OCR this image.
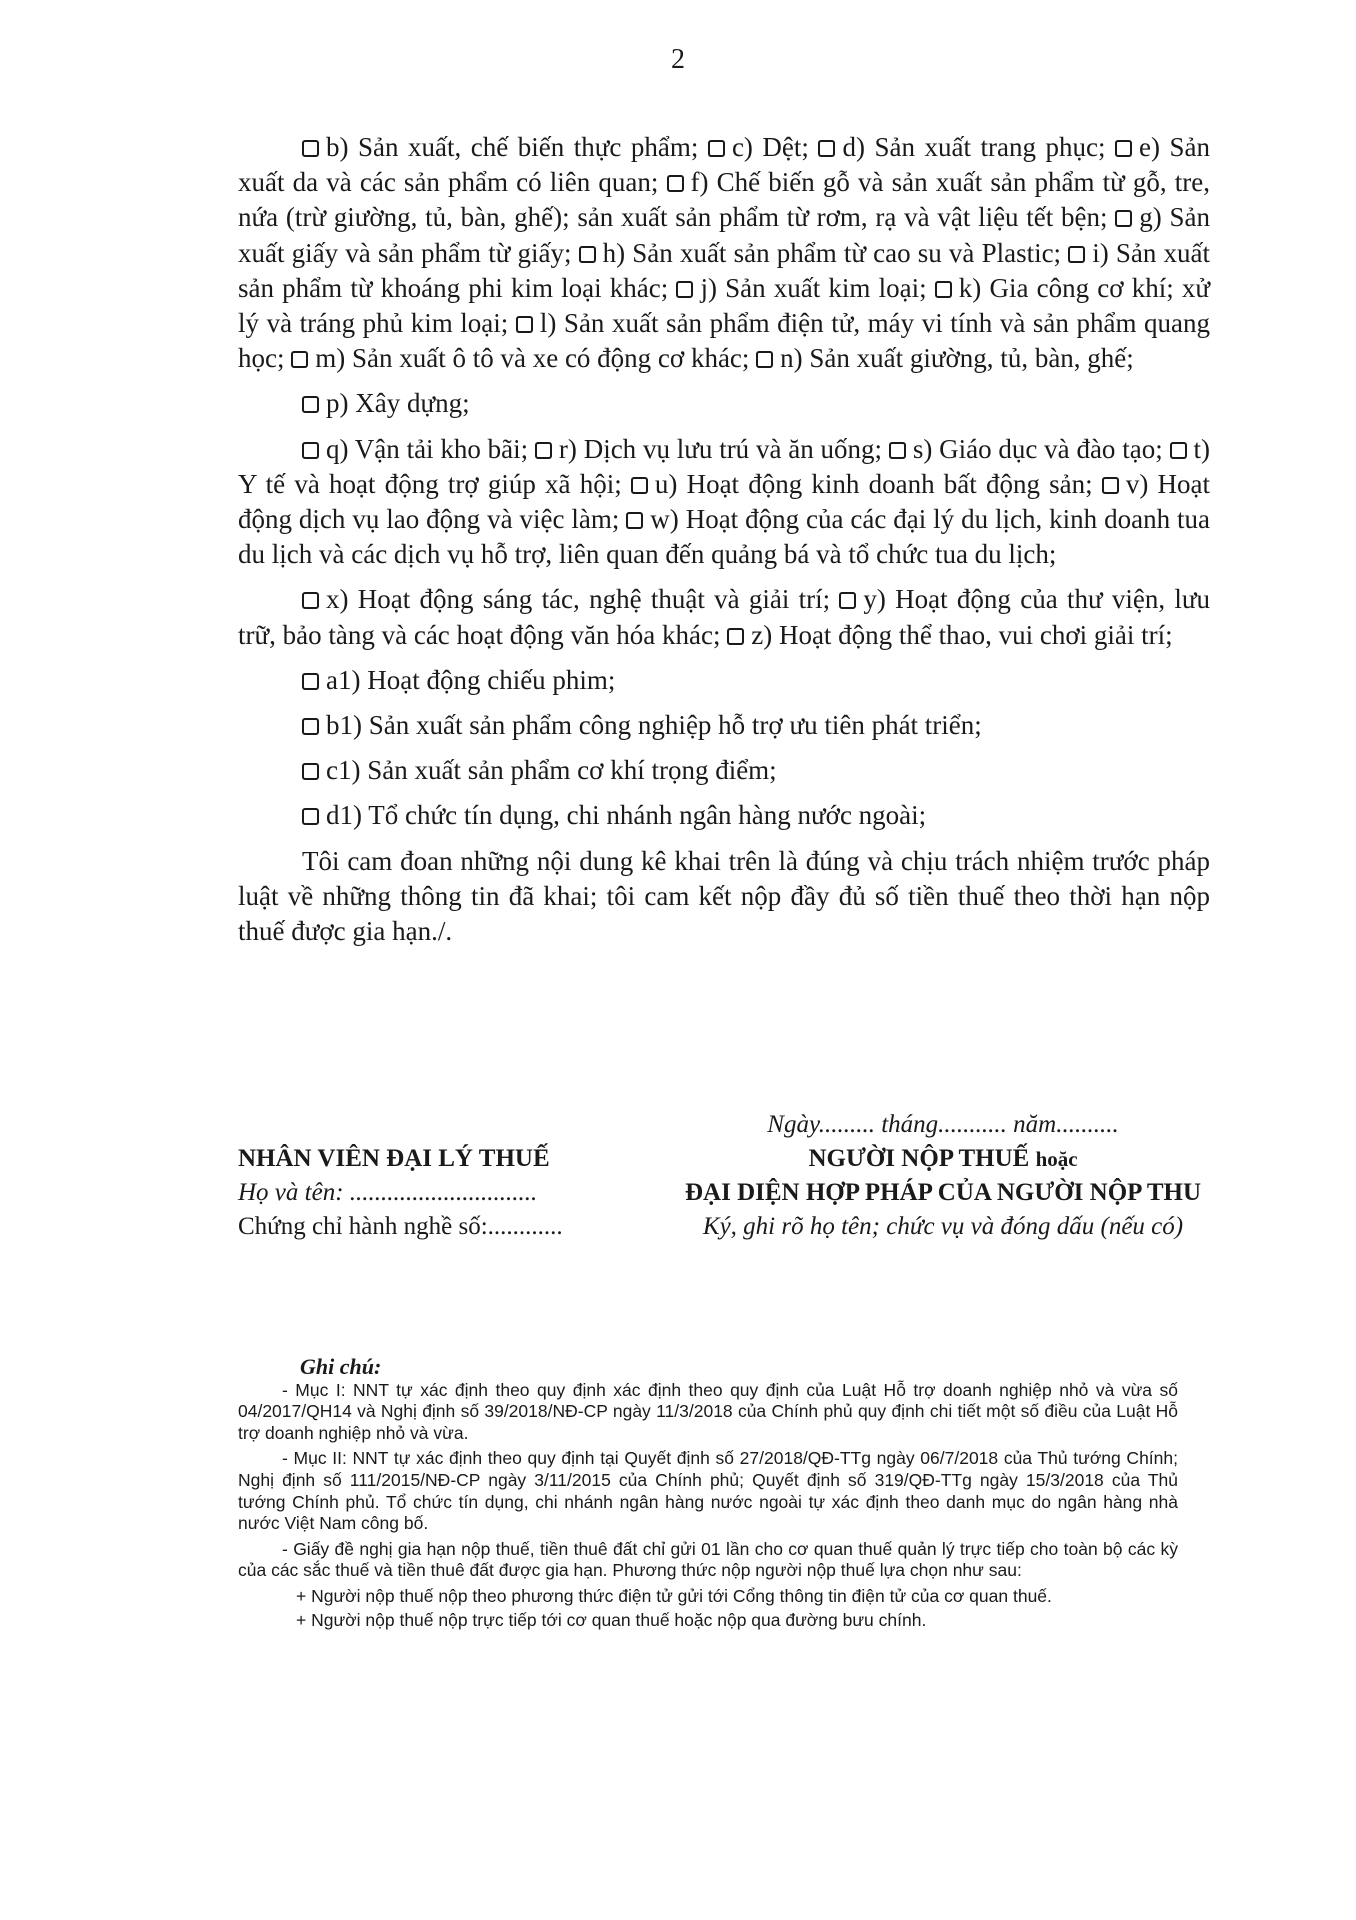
2

b) Sản xuất, chế biến thực phẩm; c) Dệt; d) Sản xuất trang phục; e) Sản xuất da và các sản phẩm có liên quan; f) Chế biến gỗ và sản xuất sản phẩm từ gỗ, tre, nứa (trừ giường, tủ, bàn, ghế); sản xuất sản phẩm từ rơm, rạ và vật liệu tết bện; g) Sản xuất giấy và sản phẩm từ giấy; h) Sản xuất sản phẩm từ cao su và Plastic; i) Sản xuất sản phẩm từ khoáng phi kim loại khác; j) Sản xuất kim loại; k) Gia công cơ khí; xử lý và tráng phủ kim loại; l) Sản xuất sản phẩm điện tử, máy vi tính và sản phẩm quang học; m) Sản xuất ô tô và xe có động cơ khác; n) Sản xuất giường, tủ, bàn, ghế;

p) Xây dựng;

q) Vận tải kho bãi; r) Dịch vụ lưu trú và ăn uống; s) Giáo dục và đào tạo; t) Y tế và hoạt động trợ giúp xã hội; u) Hoạt động kinh doanh bất động sản; v) Hoạt động dịch vụ lao động và việc làm; w) Hoạt động của các đại lý du lịch, kinh doanh tua du lịch và các dịch vụ hỗ trợ, liên quan đến quảng bá và tổ chức tua du lịch;

x) Hoạt động sáng tác, nghệ thuật và giải trí; y) Hoạt động của thư viện, lưu trữ, bảo tàng và các hoạt động văn hóa khác; z) Hoạt động thể thao, vui chơi giải trí;

a1) Hoạt động chiếu phim;

b1) Sản xuất sản phẩm công nghiệp hỗ trợ ưu tiên phát triển;

c1) Sản xuất sản phẩm cơ khí trọng điểm;

d1) Tổ chức tín dụng, chi nhánh ngân hàng nước ngoài;

Tôi cam đoan những nội dung kê khai trên là đúng và chịu trách nhiệm trước pháp luật về những thông tin đã khai; tôi cam kết nộp đầy đủ số tiền thuế theo thời hạn nộp thuế được gia hạn./.

NHÂN VIÊN ĐẠI LÝ THUẾ
Họ và tên: ..............................
Chứng chỉ hành nghề số:............
Ngày......... tháng........... năm..........
NGƯỜI NỘP THUẾ hoặc
ĐẠI DIỆN HỢP PHÁP CỦA NGƯỜI NỘP THU
Ký, ghi rõ họ tên; chức vụ và đóng dấu (nếu có)
Ghi chú:

- Mục I: NNT tự xác định theo quy định xác định theo quy định của Luật Hỗ trợ doanh nghiệp nhỏ và vừa số 04/2017/QH14 và Nghị định số 39/2018/NĐ-CP ngày 11/3/2018 của Chính phủ quy định chi tiết một số điều của Luật Hỗ trợ doanh nghiệp nhỏ và vừa.

- Mục II: NNT tự xác định theo quy định tại Quyết định số 27/2018/QĐ-TTg ngày 06/7/2018 của Thủ tướng Chính; Nghị định số 111/2015/NĐ-CP ngày 3/11/2015 của Chính phủ; Quyết định số 319/QĐ-TTg ngày 15/3/2018 của Thủ tướng Chính phủ. Tổ chức tín dụng, chi nhánh ngân hàng nước ngoài tự xác định theo danh mục do ngân hàng nhà nước Việt Nam công bố.

- Giấy đề nghị gia hạn nộp thuế, tiền thuê đất chỉ gửi 01 lần cho cơ quan thuế quản lý trực tiếp cho toàn bộ các kỳ của các sắc thuế và tiền thuê đất được gia hạn. Phương thức nộp người nộp thuế lựa chọn như sau:

+ Người nộp thuế nộp theo phương thức điện tử gửi tới Cổng thông tin điện tử của cơ quan thuế.

+ Người nộp thuế nộp trực tiếp tới cơ quan thuế hoặc nộp qua đường bưu chính.
